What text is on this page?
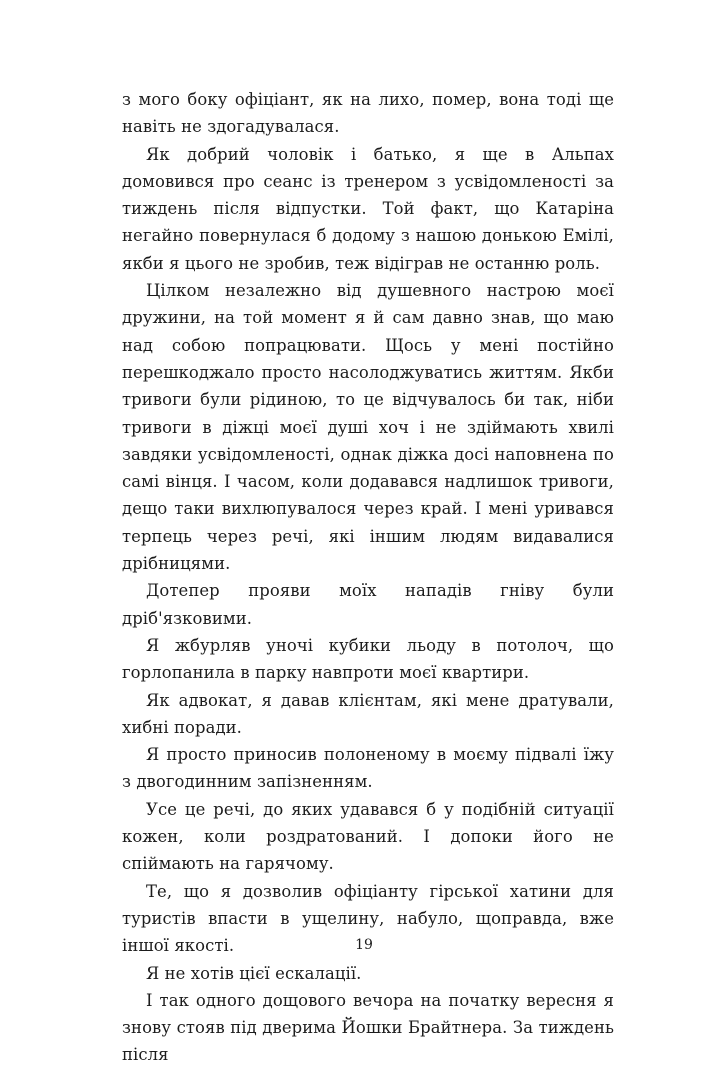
з мого боку офіціант, як на лихо, помер, вона тоді ще навіть не здогадувалася.

Як добрий чоловік і батько, я ще в Альпах домовився про сеанс із тренером з усвідомленості за тиждень після відпустки. Той факт, що Катаріна негайно повернулася б додому з нашою донькою Емілі, якби я цього не зробив, теж відіграв не останню роль.

Цілком незалежно від душевного настрою моєї дружини, на той момент я й сам давно знав, що маю над собою попрацювати. Щось у мені постійно перешкоджало просто насолоджуватись життям. Якби тривоги були рідиною, то це відчувалось би так, ніби тривоги в діжці моєї душі хоч і не здіймають хвилі завдяки усвідомленості, однак діжка досі наповнена по самі вінця. І часом, коли додавався надлишок тривоги, дещо таки вихлюпувалося через край. І мені уривався терпець через речі, які іншим людям видавалися дрібницями.

Дотепер прояви моїх нападів гніву були дріб'язковими.

Я жбурляв уночі кубики льоду в потолоч, що горлопанила в парку навпроти моєї квартири.

Як адвокат, я давав клієнтам, які мене дратували, хибні поради.

Я просто приносив полоненому в моєму підвалі їжу з двогодинним запізненням.

Усе це речі, до яких удавався б у подібній ситуації кожен, коли роздратований. І допоки його не спіймають на гарячому.

Те, що я дозволив офіціанту гірської хатини для туристів впасти в ущелину, набуло, щоправда, вже іншої якості.

Я не хотів цієї ескалації.

І так одного дощового вечора на початку вересня я знову стояв під дверима Йошки Брайтнера. За тиждень після

19
